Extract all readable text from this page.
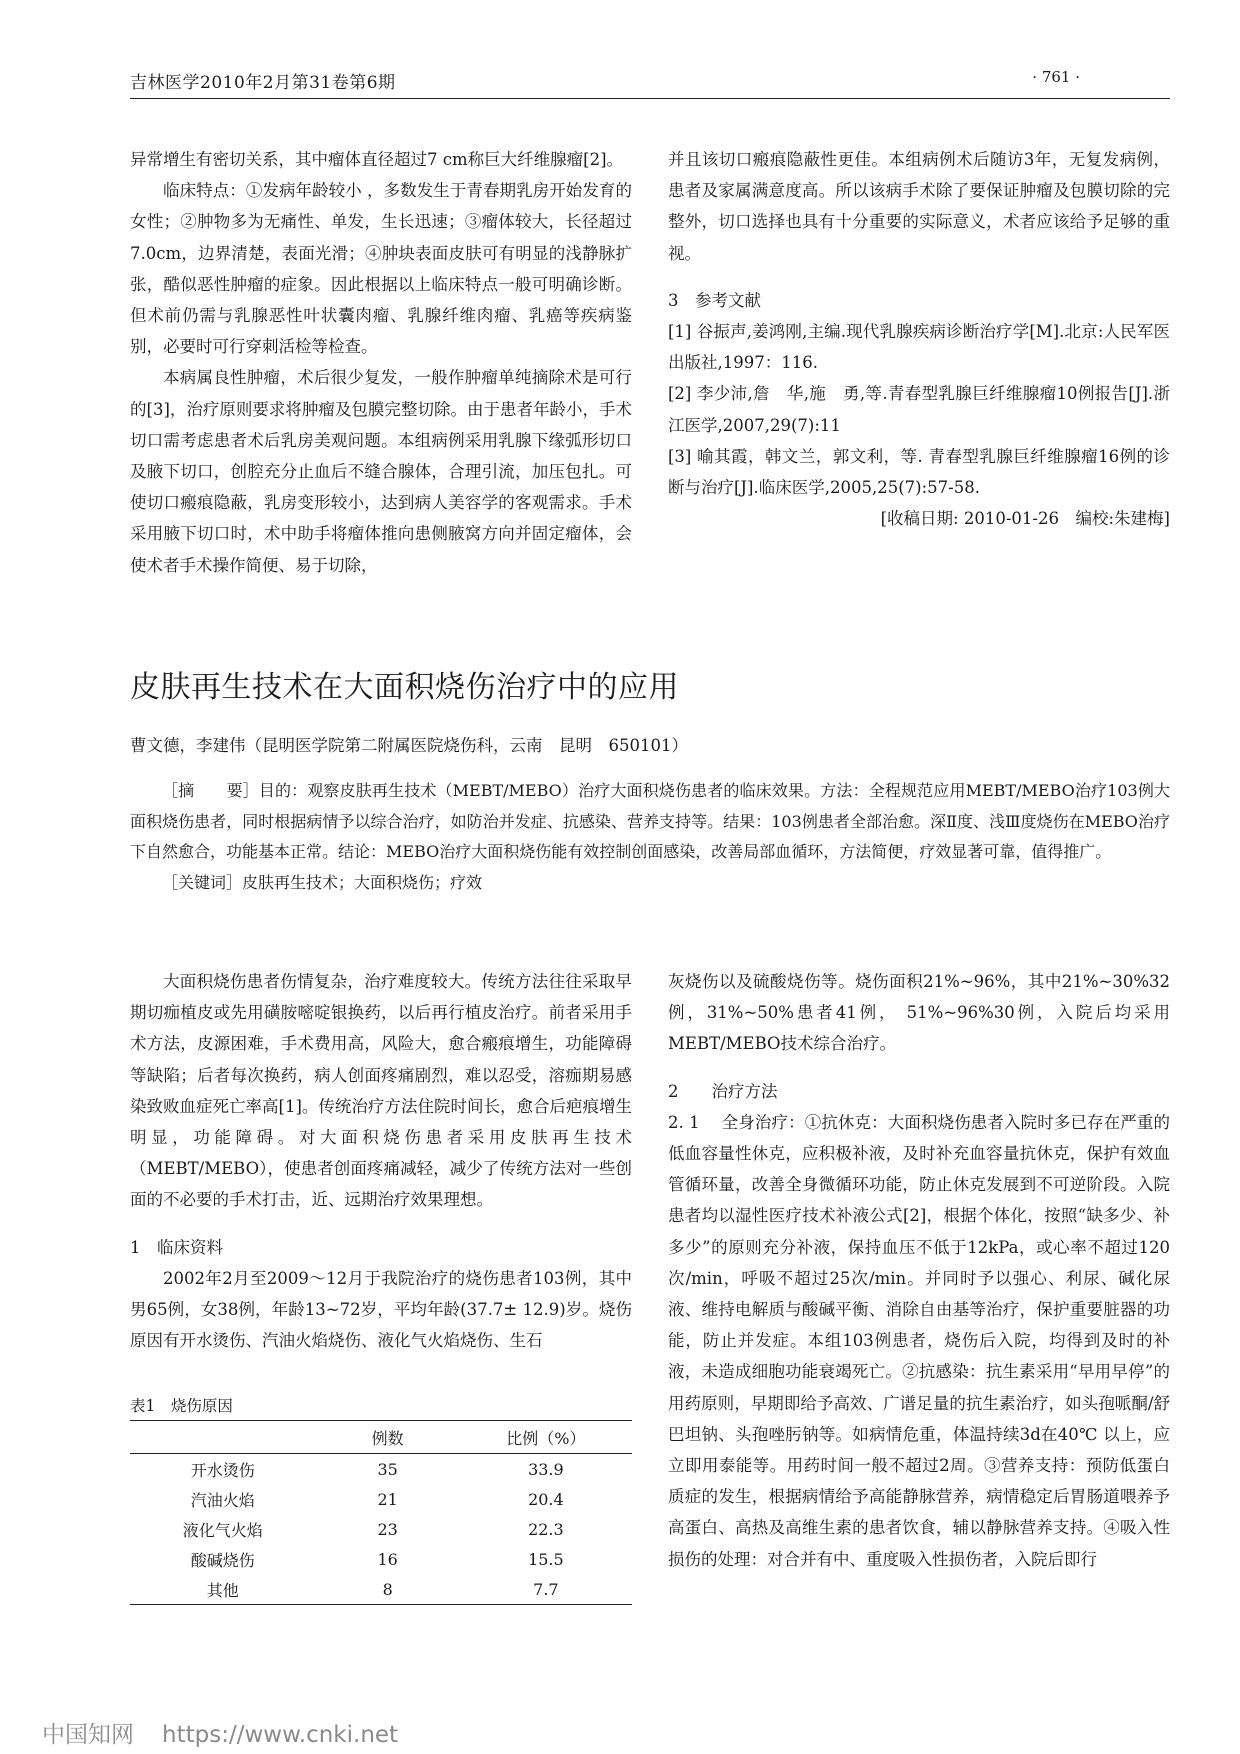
吉林医学2010年2月第31卷第6期	· 761 ·

异常增生有密切关系，其中瘤体直径超过7 cm称巨大纤维腺瘤[2]。

临床特点：①发病年龄较小 ，多数发生于青春期乳房开始发育的女性；②肿物多为无痛性、单发，生长迅速；③瘤体较大，长径超过7.0cm，边界清楚，表面光滑；④肿块表面皮肤可有明显的浅静脉扩张，酷似恶性肿瘤的症象。因此根据以上临床特点一般可明确诊断。但术前仍需与乳腺恶性叶状囊肉瘤、乳腺纤维肉瘤、乳癌等疾病鉴别，必要时可行穿刺活检等检查。

本病属良性肿瘤，术后很少复发，一般作肿瘤单纯摘除术是可行的[3]，治疗原则要求将肿瘤及包膜完整切除。由于患者年龄小，手术切口需考虑患者术后乳房美观问题。本组病例采用乳腺下缘弧形切口及腋下切口，创腔充分止血后不缝合腺体，合理引流，加压包扎。可使切口瘢痕隐蔽，乳房变形较小，达到病人美容学的客观需求。手术采用腋下切口时，术中助手将瘤体推向患侧腋窝方向并固定瘤体，会使术者手术操作简便、易于切除，

并且该切口瘢痕隐蔽性更佳。本组病例术后随访3年，无复发病例，患者及家属满意度高。所以该病手术除了要保证肿瘤及包膜切除的完整外，切口选择也具有十分重要的实际意义，术者应该给予足够的重视。

3　参考文献

[1] 谷振声,姜鸿刚,主编.现代乳腺疾病诊断治疗学[M].北京:人民军医出版社,1997：116.

[2] 李少沛,詹　华,施　勇,等.青春型乳腺巨纤维腺瘤10例报告[J].浙江医学,2007,29(7):11

[3] 喻其霞，韩文兰，郭文利，等. 青春型乳腺巨纤维腺瘤16例的诊断与治疗[J].临床医学,2005,25(7):57-58.

[收稿日期: 2010-01-26　编校:朱建梅]

皮肤再生技术在大面积烧伤治疗中的应用
曹文德，李建伟（昆明医学院第二附属医院烧伤科，云南　昆明　650101）

［摘　　要］目的：观察皮肤再生技术（MEBT/MEBO）治疗大面积烧伤患者的临床效果。方法：全程规范应用MEBT/MEBO治疗103例大面积烧伤患者，同时根据病情予以综合治疗，如防治并发症、抗感染、营养支持等。结果：103例患者全部治愈。深Ⅱ度、浅Ⅲ度烧伤在MEBO治疗下自然愈合，功能基本正常。结论：MEBO治疗大面积烧伤能有效控制创面感染，改善局部血循环，方法简便，疗效显著可靠，值得推广。

［关键词］皮肤再生技术；大面积烧伤；疗效

大面积烧伤患者伤情复杂，治疗难度较大。传统方法往往采取早期切痂植皮或先用磺胺嘧啶银换药，以后再行植皮治疗。前者采用手术方法，皮源困难，手术费用高，风险大，愈合瘢痕增生，功能障碍等缺陷；后者每次换药，病人创面疼痛剧烈，难以忍受，溶痂期易感染致败血症死亡率高[1]。传统治疗方法住院时间长，愈合后疤痕增生明显，功能障碍。对大面积烧伤患者采用皮肤再生技术（MEBT/MEBO），使患者创面疼痛减轻，减少了传统方法对一些创面的不必要的手术打击，近、远期治疗效果理想。

1　临床资料

2002年2月至2009～12月于我院治疗的烧伤患者103例，其中男65例，女38例，年龄13~72岁，平均年龄(37.7± 12.9)岁。烧伤原因有开水烫伤、汽油火焰烧伤、液化气火焰烧伤、生石

表1　烧伤原因
	例数	比例（%）
开水烫伤	35	33.9
汽油火焰	21	20.4
液化气火焰	23	22.3
酸碱烧伤	16	15.5
其他	8	7.7

灰烧伤以及硫酸烧伤等。烧伤面积21%~96%，其中21%~30%32例，31%~50%患者41例， 51%~96%30例，入院后均采用MEBT/MEBO技术综合治疗。

2　　治疗方法

2. 1　 全身治疗：①抗休克：大面积烧伤患者入院时多已存在严重的低血容量性休克，应积极补液，及时补充血容量抗休克，保护有效血管循环量，改善全身微循环功能，防止休克发展到不可逆阶段。入院患者均以湿性医疗技术补液公式[2]，根据个体化，按照“缺多少、补多少”的原则充分补液，保持血压不低于12kPa，或心率不超过120次/min，呼吸不超过25次/min。并同时予以强心、利尿、碱化尿液、维持电解质与酸碱平衡、消除自由基等治疗，保护重要脏器的功能，防止并发症。本组103例患者，烧伤后入院，均得到及时的补液，未造成细胞功能衰竭死亡。②抗感染：抗生素采用“早用早停”的用药原则，早期即给予高效、广谱足量的抗生素治疗，如头孢哌酮/舒巴坦钠、头孢唑肟钠等。如病情危重，体温持续3d在40℃ 以上，应立即用泰能等。用药时间一般不超过2周。③营养支持：预防低蛋白质症的发生，根据病情给予高能静脉营养，病情稳定后胃肠道喂养予高蛋白、高热及高维生素的患者饮食，辅以静脉营养支持。④吸入性损伤的处理：对合并有中、重度吸入性损伤者，入院后即行

中国知网 https://www.cnki.net
